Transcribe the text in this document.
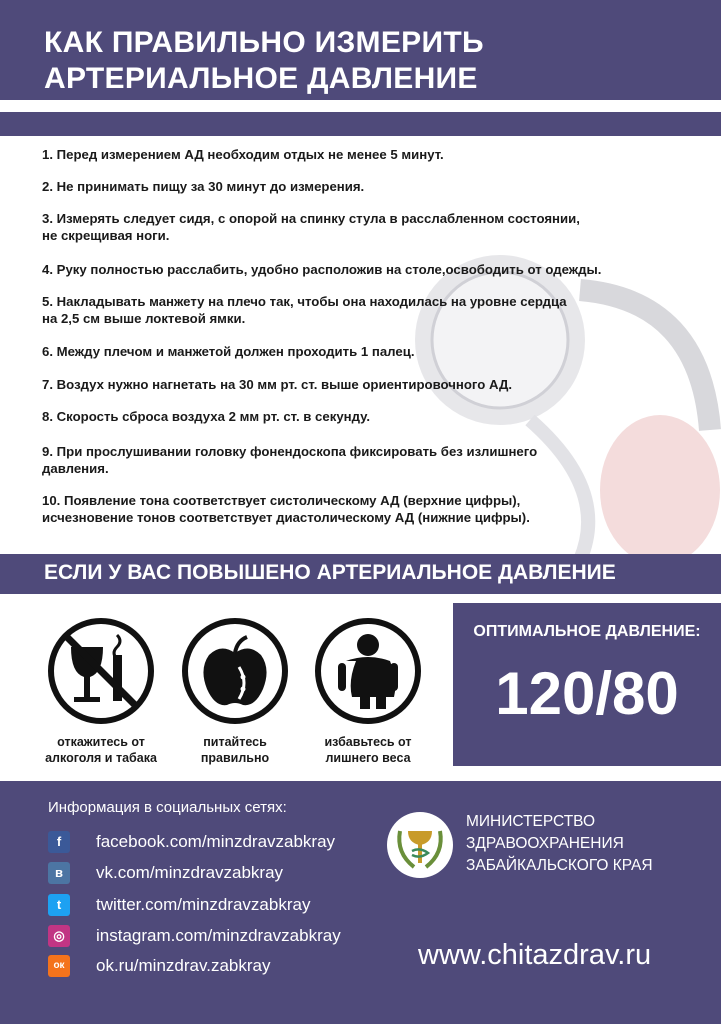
КАК ПРАВИЛЬНО ИЗМЕРИТЬ
АРТЕРИАЛЬНОЕ ДАВЛЕНИЕ
1. Перед измерением АД необходим отдых не менее 5 минут.
2. Не принимать пищу за 30 минут до измерения.
3. Измерять следует сидя, с опорой на спинку стула в расслабленном состоянии,
не скрещивая ноги.
4. Руку полностью расслабить, удобно расположив на столе,освободить от одежды.
5. Накладывать манжету на плечо так, чтобы она находилась на уровне сердца
на 2,5 см выше локтевой ямки.
6. Между плечом и манжетой должен проходить 1 палец.
7. Воздух нужно нагнетать на 30 мм рт. ст. выше ориентировочного АД.
8. Скорость сброса воздуха 2 мм рт. ст. в секунду.
9. При прослушивании головку фонендоскопа фиксировать без излишнего
давления.
10. Появление тона соответствует систолическому АД (верхние цифры),
исчезновение тонов соответствует диастолическому АД (нижние цифры).
ЕСЛИ У ВАС ПОВЫШЕНО АРТЕРИАЛЬНОЕ ДАВЛЕНИЕ
откажитесь от
алкоголя и табака
питайтесь
правильно
избавьтесь от
лишнего веса
ОПТИМАЛЬНОЕ ДАВЛЕНИЕ:
120/80
Информация в социальных сетях:
f	facebook.com/minzdravzabkray
в	vk.com/minzdravzabkray
t	twitter.com/minzdravzabkray
◎	instagram.com/minzdravzabkray
ок	ok.ru/minzdrav.zabkray
МИНИСТЕРСТВО
ЗДРАВООХРАНЕНИЯ
ЗАБАЙКАЛЬСКОГО КРАЯ
www.chitazdrav.ru
